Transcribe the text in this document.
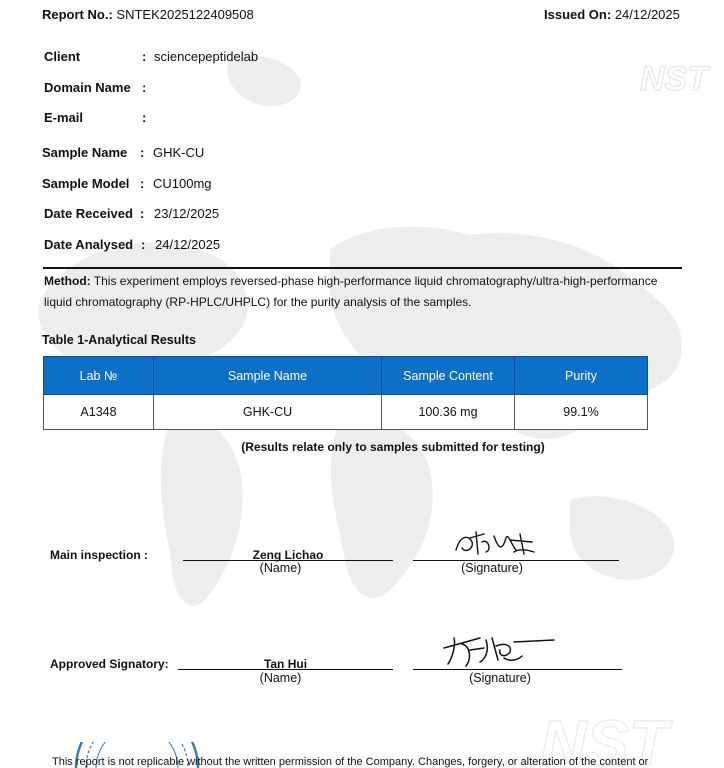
NST
NST
Report No.: SNTEK2025122409508	Issued On: 24/12/2025
Client	: sciencepeptidelab
Domain Name :
E-mail	:
Sample Name : GHK-CU
Sample Model : CU100mg
Date Received : 23/12/2025
Date Analysed : 24/12/2025
Method: This experiment employs reversed-phase high-performance liquid chromatography/ultra-high-performance liquid chromatography (RP-HPLC/UHPLC) for the purity analysis of the samples.
Table 1-Analytical Results
Lab №	Sample Name	Sample Content	Purity
A1348	GHK-CU	100.36 mg	99.1%
(Results relate only to samples submitted for testing)
Main inspection :	Zeng Lichao
(Name)	(Signature)
Approved Signatory:	Tan Hui
(Name)	(Signature)
This report is not replicable without the written permission of the Company. Changes, forgery, or alteration of the content or
